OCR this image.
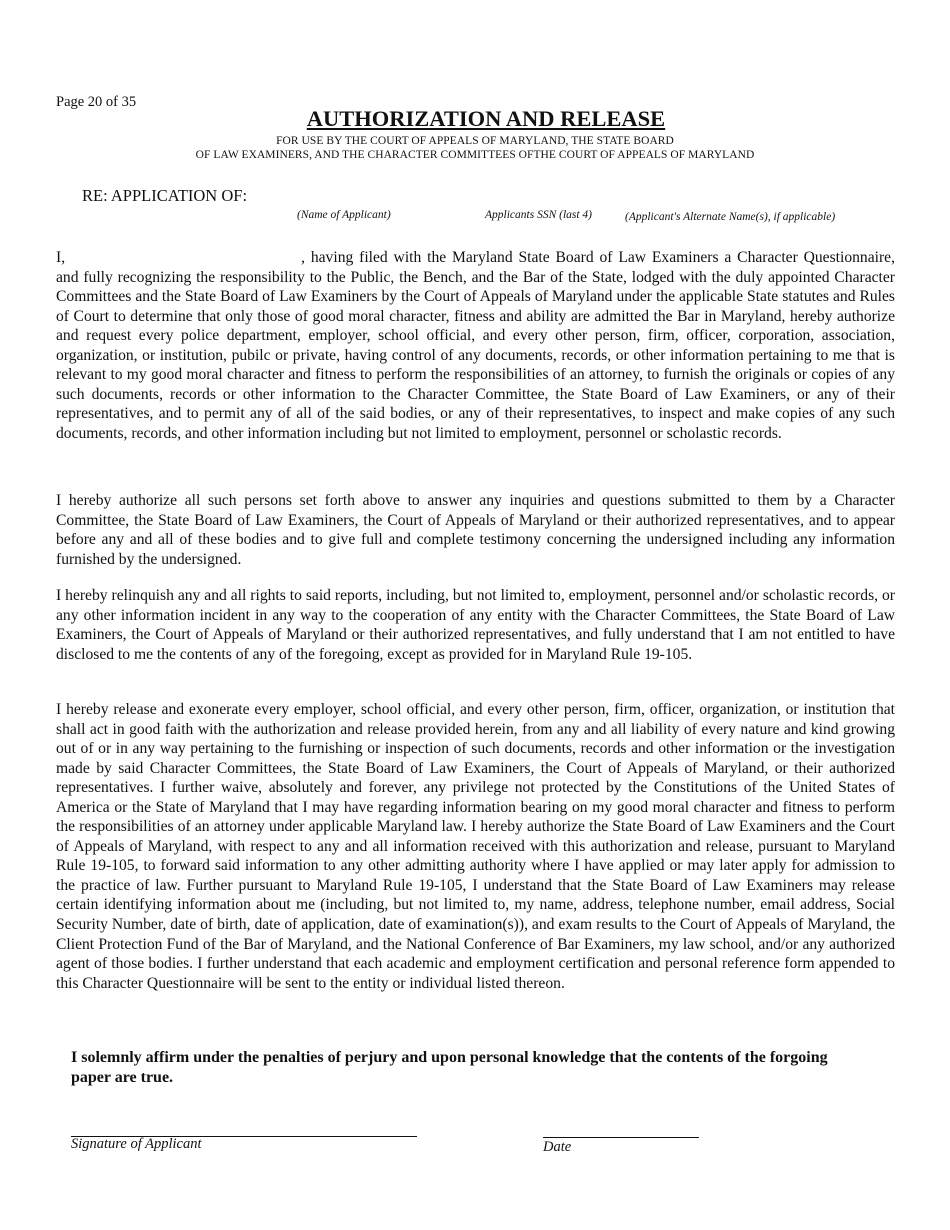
Page 20 of 35
AUTHORIZATION AND RELEASE
FOR USE BY THE COURT OF APPEALS OF MARYLAND, THE STATE BOARD
OF LAW EXAMINERS, AND THE CHARACTER COMMITTEES OFTHE COURT OF APPEALS OF MARYLAND
RE: APPLICATION OF:
(Name of Applicant)	Applicants SSN (last 4)	(Applicant's Alternate Name(s), if applicable)

I,	, having filed with the Maryland State Board of Law Examiners a Character Questionnaire, and fully recognizing the responsibility to the Public, the Bench, and the Bar of the State, lodged with the duly appointed Character Committees and the State Board of Law Examiners by the Court of Appeals of Maryland under the applicable State statutes and Rules of Court to determine that only those of good moral character, fitness and ability are admitted the Bar in Maryland, hereby authorize and request every police department, employer, school official, and every other person, firm, officer, corporation, association, organization, or institution, pubilc or private, having control of any documents, records, or other information pertaining to me that is relevant to my good moral character and fitness to perform the responsibilities of an attorney, to furnish the originals or copies of any such documents, records or other information to the Character Committee, the State Board of Law Examiners, or any of their representatives, and to permit any of all of the said bodies, or any of their representatives, to inspect and make copies of any such documents, records, and other information including but not limited to employment, personnel or scholastic records.

I hereby authorize all such persons set forth above to answer any inquiries and questions submitted to them by a Character Committee, the State Board of Law Examiners, the Court of Appeals of Maryland or their authorized representatives, and to appear before any and all of these bodies and to give full and complete testimony concerning the undersigned including any information furnished by the undersigned.

I hereby relinquish any and all rights to said reports, including, but not limited to, employment, personnel and/or scholastic records, or any other information incident in any way to the cooperation of any entity with the Character Committees, the State Board of Law Examiners, the Court of Appeals of Maryland or their authorized representatives, and fully understand that I am not entitled to have disclosed to me the contents of any of the foregoing, except as provided for in Maryland Rule 19-105.

I hereby release and exonerate every employer, school official, and every other person, firm, officer, organization, or institution that shall act in good faith with the authorization and release provided herein, from any and all liability of every nature and kind growing out of or in any way pertaining to the furnishing or inspection of such documents, records and other information or the investigation made by said Character Committees, the State Board of Law Examiners, the Court of Appeals of Maryland, or their authorized representatives. I further waive, absolutely and forever, any privilege not protected by the Constitutions of the United States of America or the State of Maryland that I may have regarding information bearing on my good moral character and fitness to perform the responsibilities of an attorney under applicable Maryland law. I hereby authorize the State Board of Law Examiners and the Court of Appeals of Maryland, with respect to any and all information received with this authorization and release, pursuant to Maryland Rule 19-105, to forward said information to any other admitting authority where I have applied or may later apply for admission to the practice of law. Further pursuant to Maryland Rule 19-105, I understand that the State Board of Law Examiners may release certain identifying information about me (including, but not limited to, my name, address, telephone number, email address, Social Security Number, date of birth, date of application, date of examination(s)), and exam results to the Court of Appeals of Maryland, the Client Protection Fund of the Bar of Maryland, and the National Conference of Bar Examiners, my law school, and/or any authorized agent of those bodies. I further understand that each academic and employment certification and personal reference form appended to this Character Questionnaire will be sent to the entity or individual listed thereon.

I solemnly affirm under the penalties of perjury and upon personal knowledge that the contents of the forgoing paper are true.

Signature of Applicant	Date
